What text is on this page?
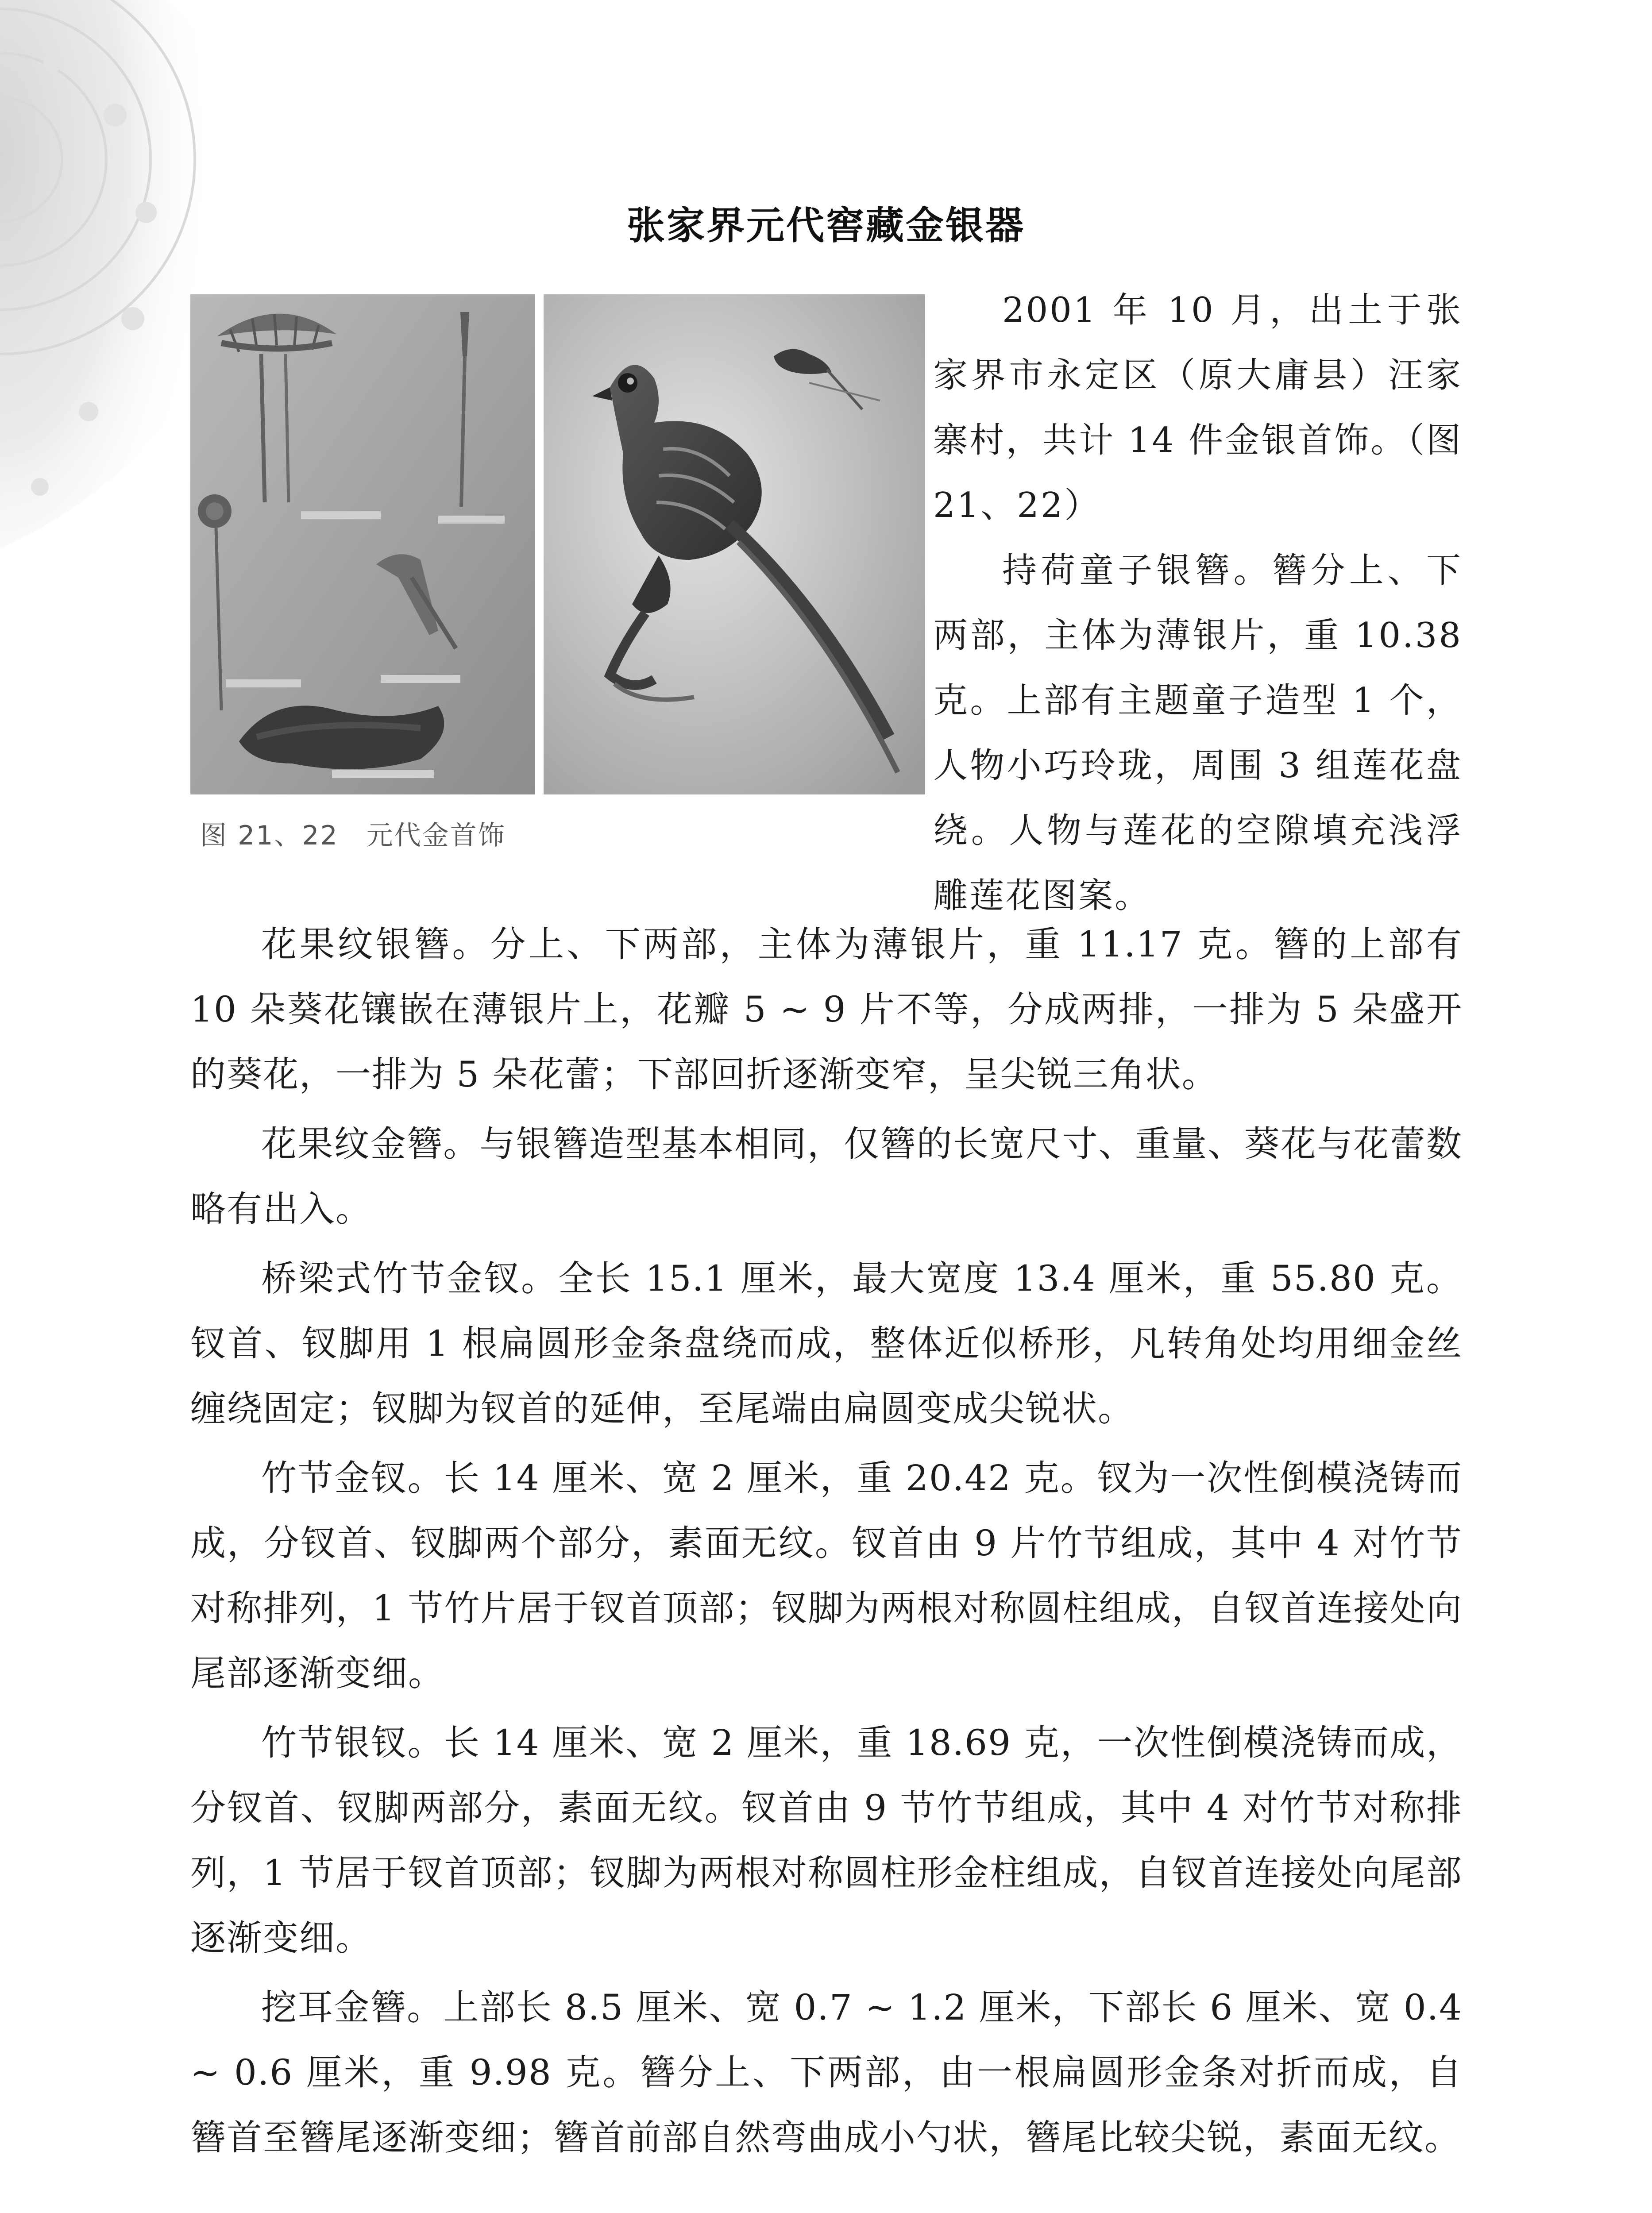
张家界元代窖藏金银器
图 21、22　元代金首饰

2001 年 10 月，出土于张家界市永定区（原大庸县）汪家寨村，共计 14 件金银首饰。（图 21、22）

持荷童子银簪。簪分上、下两部，主体为薄银片，重 10.38 克。上部有主题童子造型 1 个，人物小巧玲珑，周围 3 组莲花盘绕。人物与莲花的空隙填充浅浮雕莲花图案。

花果纹银簪。分上、下两部，主体为薄银片，重 11.17 克。簪的上部有 10 朵葵花镶嵌在薄银片上，花瓣 5 ~ 9 片不等，分成两排，一排为 5 朵盛开的葵花，一排为 5 朵花蕾；下部回折逐渐变窄，呈尖锐三角状。

花果纹金簪。与银簪造型基本相同，仅簪的长宽尺寸、重量、葵花与花蕾数略有出入。

桥梁式竹节金钗。全长 15.1 厘米，最大宽度 13.4 厘米，重 55.80 克。钗首、钗脚用 1 根扁圆形金条盘绕而成，整体近似桥形，凡转角处均用细金丝缠绕固定；钗脚为钗首的延伸，至尾端由扁圆变成尖锐状。

竹节金钗。长 14 厘米、宽 2 厘米，重 20.42 克。钗为一次性倒模浇铸而成，分钗首、钗脚两个部分，素面无纹。钗首由 9 片竹节组成，其中 4 对竹节对称排列，1 节竹片居于钗首顶部；钗脚为两根对称圆柱组成，自钗首连接处向尾部逐渐变细。

竹节银钗。长 14 厘米、宽 2 厘米，重 18.69 克，一次性倒模浇铸而成，分钗首、钗脚两部分，素面无纹。钗首由 9 节竹节组成，其中 4 对竹节对称排列，1 节居于钗首顶部；钗脚为两根对称圆柱形金柱组成，自钗首连接处向尾部逐渐变细。

挖耳金簪。上部长 8.5 厘米、宽 0.7 ~ 1.2 厘米，下部长 6 厘米、宽 0.4 ~ 0.6 厘米，重 9.98 克。簪分上、下两部，由一根扁圆形金条对折而成，自簪首至簪尾逐渐变细；簪首前部自然弯曲成小勺状，簪尾比较尖锐，素面无纹。
